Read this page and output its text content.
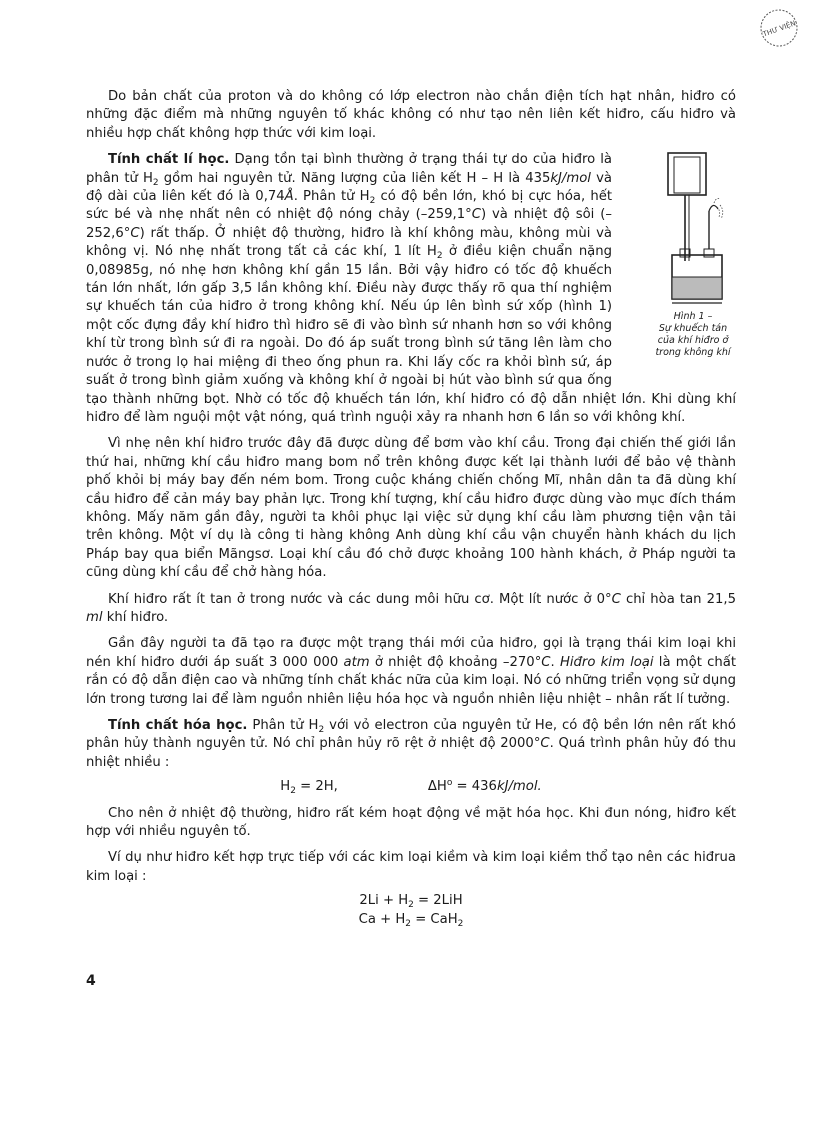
THƯ VIỆN

Do bản chất của proton và do không có lớp electron nào chắn điện tích hạt nhân, hiđro có những đặc điểm mà những nguyên tố khác không có như tạo nên liên kết hiđro, cấu hiđro và nhiều hợp chất không hợp thức với kim loại.

Hình 1 –
Sự khuếch tán
của khí hiđro ở
trong không khí
Tính chất lí học. Dạng tồn tại bình thường ở trạng thái tự do của hiđro là phân tử $H_2$ gồm hai nguyên tử. Năng lượng của liên kết H – H là 435kJ/mol và độ dài của liên kết đó là 0,74Å. Phân tử $H_2$ có độ bền lớn, khó bị cực hóa, hết sức bé và nhẹ nhất nên có nhiệt độ nóng chảy (–259,1°C) và nhiệt độ sôi (–252,6°C) rất thấp. Ở nhiệt độ thường, hiđro là khí không màu, không mùi và không vị. Nó nhẹ nhất trong tất cả các khí, 1 lít $H_2$ ở điều kiện chuẩn nặng 0,08985g, nó nhẹ hơn không khí gần 15 lần. Bởi vậy hiđro có tốc độ khuếch tán lớn nhất, lớn gấp 3,5 lần không khí. Điều này được thấy rõ qua thí nghiệm sự khuếch tán của hiđro ở trong không khí. Nếu úp lên bình sứ xốp (hình 1) một cốc đựng đầy khí hiđro thì hiđro sẽ đi vào bình sứ nhanh hơn so với không khí từ trong bình sứ đi ra ngoài. Do đó áp suất trong bình sứ tăng lên làm cho nước ở trong lọ hai miệng đi theo ống phun ra. Khi lấy cốc ra khỏi bình sứ, áp suất ở trong bình giảm xuống và không khí ở ngoài bị hút vào bình sứ qua ống tạo thành những bọt. Nhờ có tốc độ khuếch tán lớn, khí hiđro có độ dẫn nhiệt lớn. Khi dùng khí hiđro để làm nguội một vật nóng, quá trình nguội xảy ra nhanh hơn 6 lần so với không khí.

Vì nhẹ nên khí hiđro trước đây đã được dùng để bơm vào khí cầu. Trong đại chiến thế giới lần thứ hai, những khí cầu hiđro mang bom nổ trên không được kết lại thành lưới để bảo vệ thành phố khỏi bị máy bay đến ném bom. Trong cuộc kháng chiến chống Mĩ, nhân dân ta đã dùng khí cầu hiđro để cản máy bay phản lực. Trong khí tượng, khí cầu hiđro được dùng vào mục đích thám không. Mấy năm gần đây, người ta khôi phục lại việc sử dụng khí cầu làm phương tiện vận tải trên không. Một ví dụ là công ti hàng không Anh dùng khí cầu vận chuyển hành khách du lịch Pháp bay qua biển Mãngsơ. Loại khí cầu đó chở được khoảng 100 hành khách, ở Pháp người ta cũng dùng khí cầu để chở hàng hóa.

Khí hiđro rất ít tan ở trong nước và các dung môi hữu cơ. Một lít nước ở 0°C chỉ hòa tan 21,5 ml khí hiđro.

Gần đây người ta đã tạo ra được một trạng thái mới của hiđro, gọi là trạng thái kim loại khi nén khí hiđro dưới áp suất 3 000 000 atm ở nhiệt độ khoảng –270°C. Hiđro kim loại là một chất rắn có độ dẫn điện cao và những tính chất khác nữa của kim loại. Nó có những triển vọng sử dụng lớn trong tương lai để làm nguồn nhiên liệu hóa học và nguồn nhiên liệu nhiệt – nhân rất lí tưởng.

Tính chất hóa học. Phân tử $H_2$ với vỏ electron của nguyên tử He, có độ bền lớn nên rất khó phân hủy thành nguyên tử. Nó chỉ phân hủy rõ rệt ở nhiệt độ 2000°C. Quá trình phân hủy đó thu nhiệt nhiều :

$H_2 = 2H$,	$\Delta H^o = 436kJ/mol$.

Cho nên ở nhiệt độ thường, hiđro rất kém hoạt động về mặt hóa học. Khi đun nóng, hiđro kết hợp với nhiều nguyên tố.

Ví dụ như hiđro kết hợp trực tiếp với các kim loại kiềm và kim loại kiềm thổ tạo nên các hiđrua kim loại :

$2Li + H_2 = 2LiH$
$Ca + H_2 = CaH_2$
4
